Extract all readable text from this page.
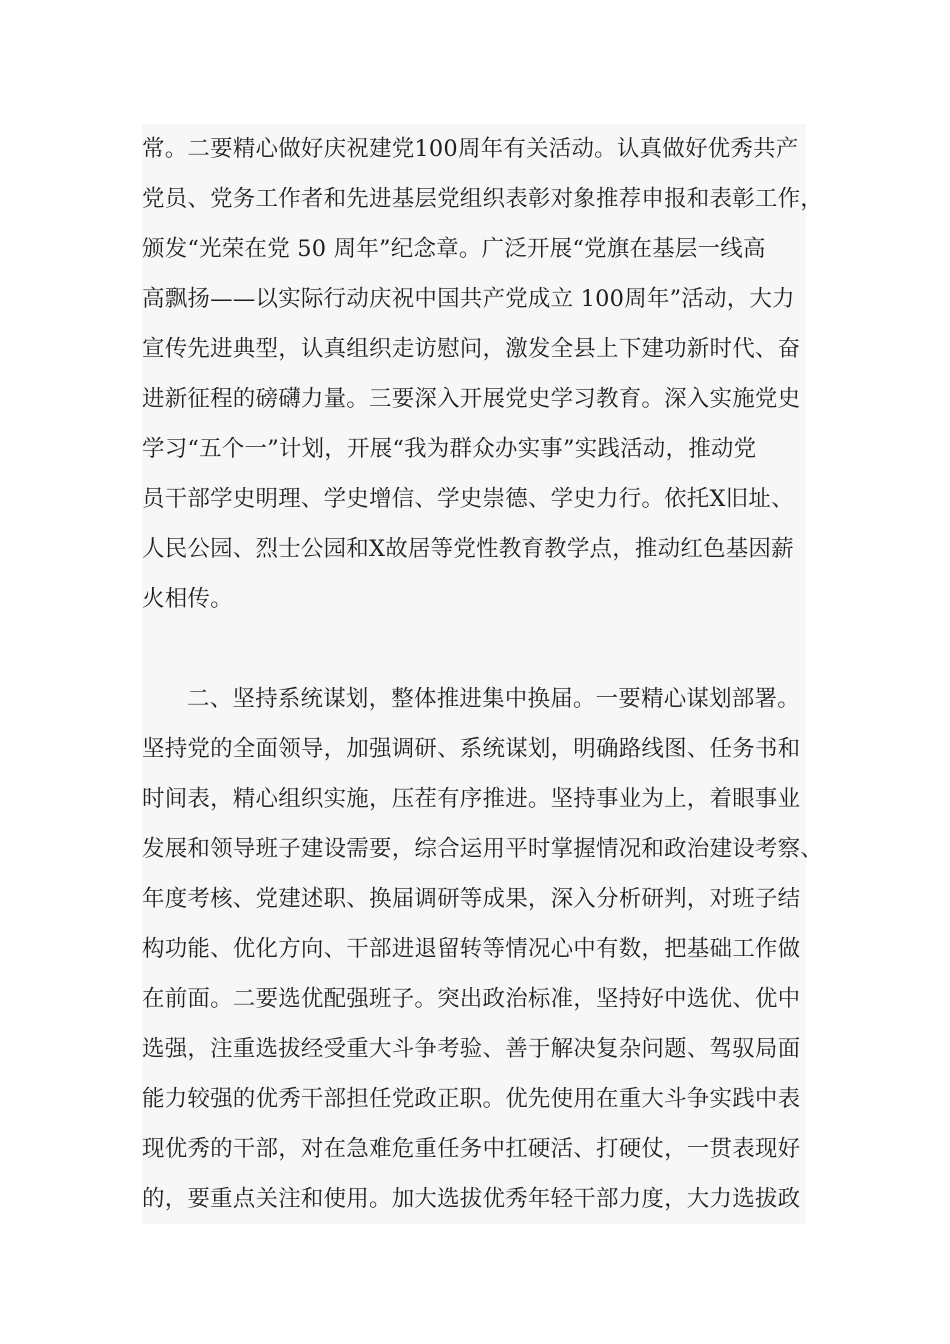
常。二要精心做好庆祝建党100周年有关活动。认真做好优秀共产
党员、党务工作者和先进基层党组织表彰对象推荐申报和表彰工作，
颁发“光荣在党 50 周年”纪念章。广泛开展“党旗在基层一线高
高飘扬——以实际行动庆祝中国共产党成立 100周年”活动，大力
宣传先进典型，认真组织走访慰问，激发全县上下建功新时代、奋
进新征程的磅礴力量。三要深入开展党史学习教育。深入实施党史
学习“五个一”计划，开展“我为群众办实事”实践活动，推动党
员干部学史明理、学史增信、学史崇德、学史力行。依托X旧址、
人民公园、烈士公园和X故居等党性教育教学点，推动红色基因薪
火相传。
二、坚持系统谋划，整体推进集中换届。一要精心谋划部署。
坚持党的全面领导，加强调研、系统谋划，明确路线图、任务书和
时间表，精心组织实施，压茬有序推进。坚持事业为上，着眼事业
发展和领导班子建设需要，综合运用平时掌握情况和政治建设考察、
年度考核、党建述职、换届调研等成果，深入分析研判，对班子结
构功能、优化方向、干部进退留转等情况心中有数，把基础工作做
在前面。二要选优配强班子。突出政治标准，坚持好中选优、优中
选强，注重选拔经受重大斗争考验、善于解决复杂问题、驾驭局面
能力较强的优秀干部担任党政正职。优先使用在重大斗争实践中表
现优秀的干部，对在急难危重任务中扛硬活、打硬仗，一贯表现好
的，要重点关注和使用。加大选拔优秀年轻干部力度，大力选拔政
